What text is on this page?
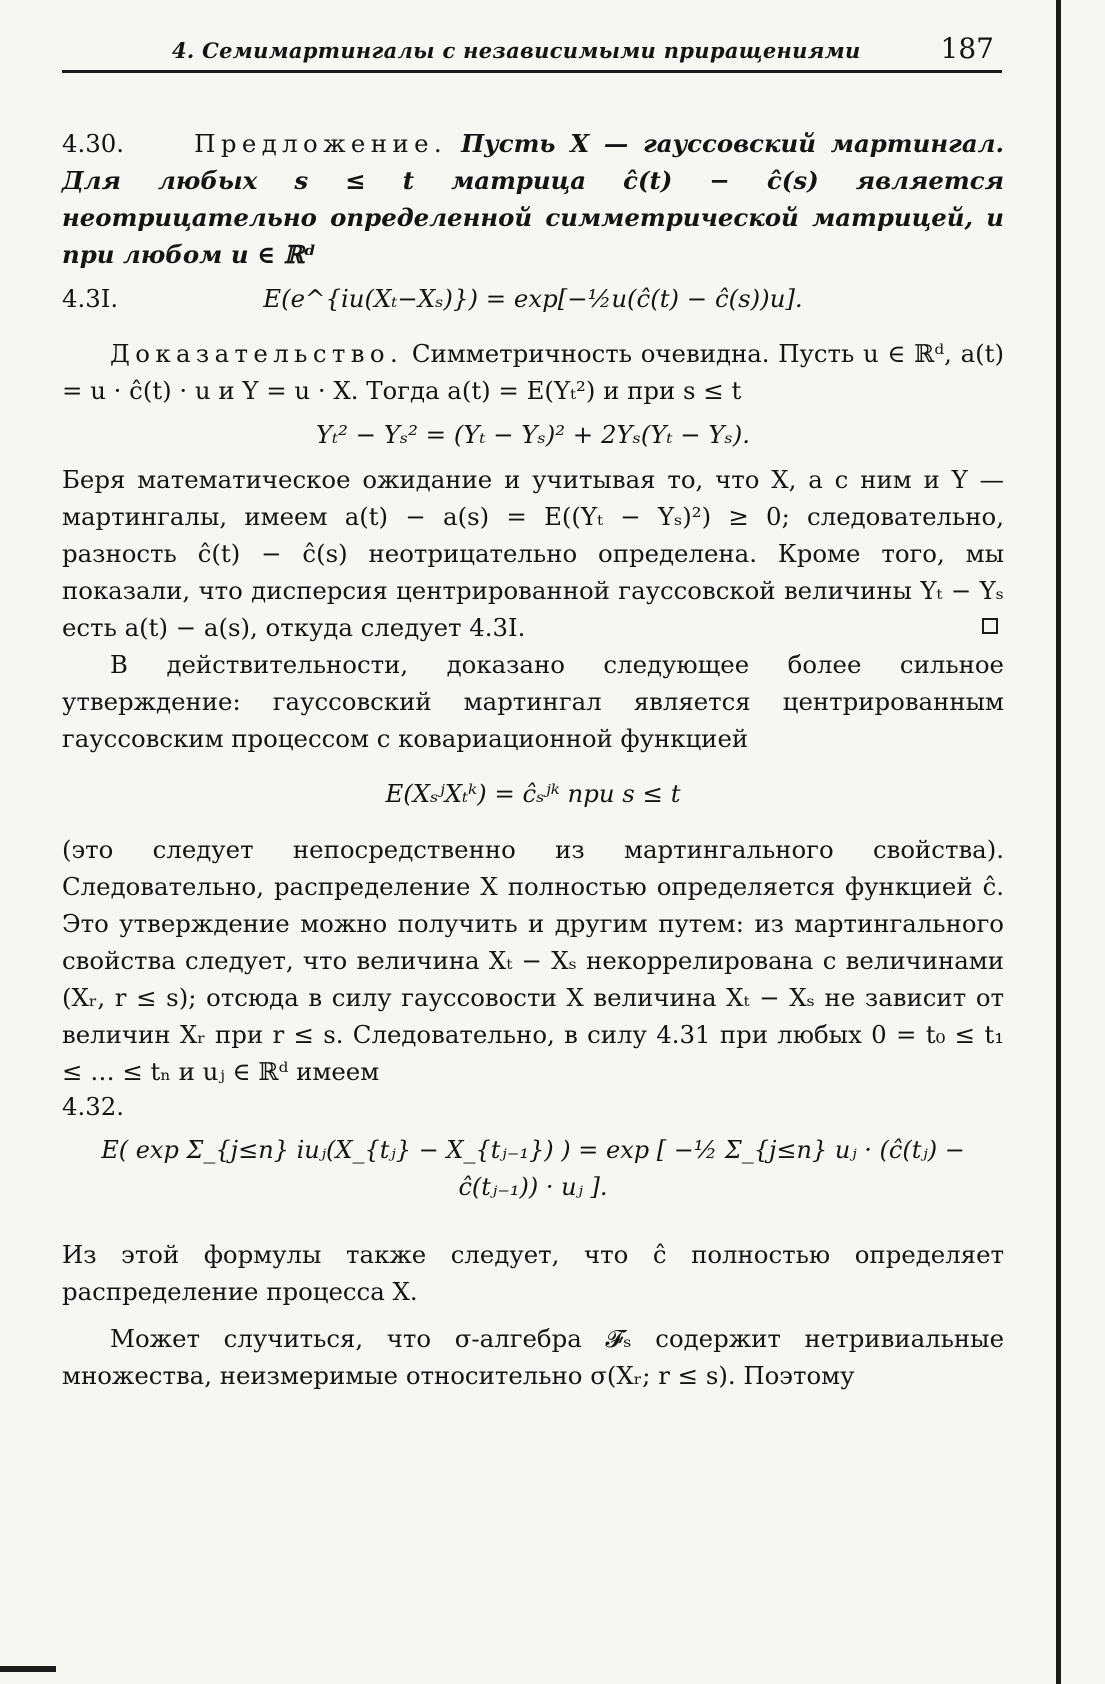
4. Семимартингалы с независимыми приращениями	187

4.30.	Предложение. Пусть X — гауссовский мартингал. Для любых s ≤ t матрица ĉ(t) − ĉ(s) является неотрицательно определенной симметрической матрицей, и при любом u ∈ ℝᵈ

4.3I.	E(e^{iu(Xₜ−Xₛ)}) = exp[−½u(ĉ(t) − ĉ(s))u].

Доказательство. Симметричность очевидна. Пусть u ∈ ℝᵈ, a(t) = u · ĉ(t) · u и Y = u · X. Тогда a(t) = E(Yₜ²) и при s ≤ t

Yₜ² − Yₛ² = (Yₜ − Yₛ)² + 2Yₛ(Yₜ − Yₛ).

Беря математическое ожидание и учитывая то, что X, а с ним и Y — мартингалы, имеем a(t) − a(s) = E((Yₜ − Yₛ)²) ≥ 0; следовательно, разность ĉ(t) − ĉ(s) неотрицательно определена. Кроме того, мы показали, что дисперсия центрированной гауссовской величины Yₜ − Yₛ есть a(t) − a(s), откуда следует 4.3I.

В действительности, доказано следующее более сильное утверждение: гауссовский мартингал является центрированным гауссовским процессом с ковариационной функцией

E(XₛʲXₜᵏ) = ĉₛʲᵏ при s ≤ t

(это следует непосредственно из мартингального свойства). Следовательно, распределение X полностью определяется функцией ĉ. Это утверждение можно получить и другим путем: из мартингального свойства следует, что величина Xₜ − Xₛ некоррелирована с величинами (Xᵣ, r ≤ s); отсюда в силу гауссовости X величина Xₜ − Xₛ не зависит от величин Xᵣ при r ≤ s. Следовательно, в силу 4.31 при любых 0 = t₀ ≤ t₁ ≤ … ≤ tₙ и uⱼ ∈ ℝᵈ имеем

4.32.
E( exp Σ_{j≤n} iuⱼ(X_{tⱼ} − X_{tⱼ₋₁}) ) = exp [ −½ Σ_{j≤n} uⱼ · (ĉ(tⱼ) − ĉ(tⱼ₋₁)) · uⱼ ].

Из этой формулы также следует, что ĉ полностью определяет распределение процесса X.

Может случиться, что σ-алгебра 𝓕ₛ содержит нетривиальные множества, неизмеримые относительно σ(Xᵣ; r ≤ s). Поэтому
